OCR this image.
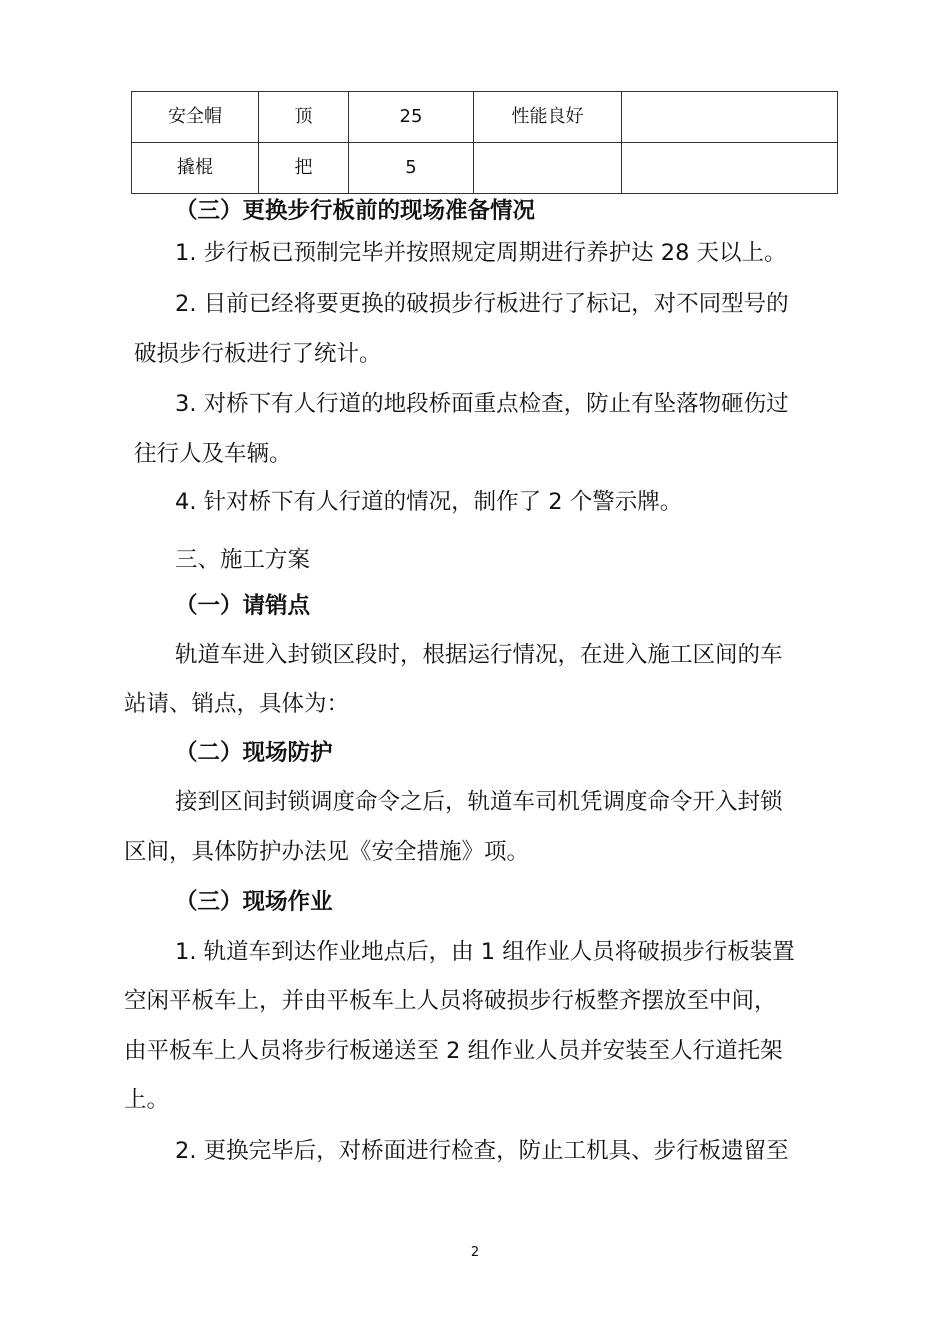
安全帽	顶	25	性能良好	
撬棍	把	5		
（三）更换步行板前的现场准备情况
1. 步行板已预制完毕并按照规定周期进行养护达 28 天以上。
2. 目前已经将要更换的破损步行板进行了标记，对不同型号的
破损步行板进行了统计。
3. 对桥下有人行道的地段桥面重点检查，防止有坠落物砸伤过
往行人及车辆。
4. 针对桥下有人行道的情况，制作了 2 个警示牌。
三、施工方案
（一）请销点
轨道车进入封锁区段时，根据运行情况，在进入施工区间的车
站请、销点，具体为：
（二）现场防护
接到区间封锁调度命令之后，轨道车司机凭调度命令开入封锁
区间，具体防护办法见《安全措施》项。
（三）现场作业
1. 轨道车到达作业地点后，由 1 组作业人员将破损步行板装置
空闲平板车上，并由平板车上人员将破损步行板整齐摆放至中间，
由平板车上人员将步行板递送至 2 组作业人员并安装至人行道托架
上。
2. 更换完毕后，对桥面进行检查，防止工机具、步行板遗留至
2
